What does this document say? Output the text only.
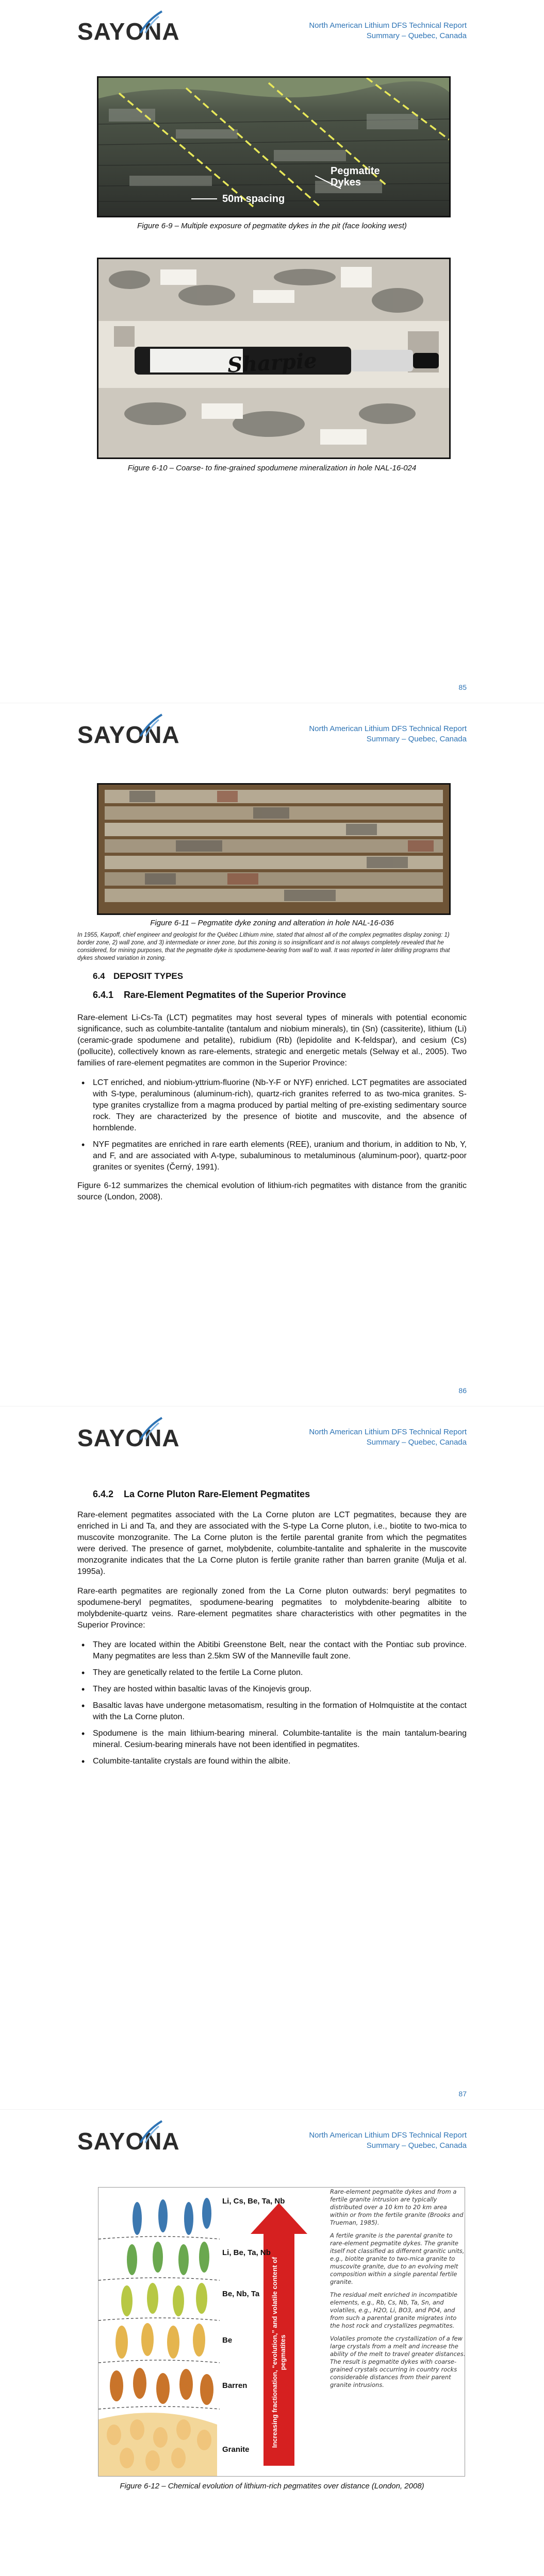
SAYONA	North American Lithium DFS Technical Report
Summary – Quebec, Canada
Pegmatite
Dykes
50m spacing
Figure 6-9 – Multiple exposure of pegmatite dykes in the pit (face looking west)
Sharpie
Figure 6-10 – Coarse- to fine-grained spodumene mineralization in hole NAL-16-024
85
SAYONA	North American Lithium DFS Technical Report
Summary – Quebec, Canada
Figure 6-11 – Pegmatite dyke zoning and alteration in hole NAL-16-036
In 1955, Karpoff, chief engineer and geologist for the Québec Lithium mine, stated that almost all of the complex pegmatites display zoning: 1) border zone, 2) wall zone, and 3) intermediate or inner zone, but this zoning is so insignificant and is not always completely revealed that he considered, for mining purposes, that the pegmatite dyke is spodumene-bearing from wall to wall. It was reported in later drilling programs that dykes showed variation in zoning.
6.4 DEPOSIT TYPES
6.4.1 Rare-Element Pegmatites of the Superior Province

Rare-element Li-Cs-Ta (LCT) pegmatites may host several types of minerals with potential economic significance, such as columbite-tantalite (tantalum and niobium minerals), tin (Sn) (cassiterite), lithium (Li) (ceramic-grade spodumene and petalite), rubidium (Rb) (lepidolite and K-feldspar), and cesium (Cs) (pollucite), collectively known as rare-elements, strategic and energetic metals (Selway et al., 2005). Two families of rare-element pegmatites are common in the Superior Province:

• LCT enriched, and niobium-yttrium-fluorine (Nb-Y-F or NYF) enriched. LCT pegmatites are associated with S-type, peraluminous (aluminum-rich), quartz-rich granites referred to as two-mica granites. S-type granites crystallize from a magma produced by partial melting of pre-existing sedimentary source rock. They are characterized by the presence of biotite and muscovite, and the absence of hornblende.
• NYF pegmatites are enriched in rare earth elements (REE), uranium and thorium, in addition to Nb, Y, and F, and are associated with A-type, subaluminous to metaluminous (aluminum-poor), quartz-poor granites or syenites (Černý, 1991).

Figure 6-12 summarizes the chemical evolution of lithium-rich pegmatites with distance from the granitic source (London, 2008).

86
SAYONA	North American Lithium DFS Technical Report
Summary – Quebec, Canada
6.4.2 La Corne Pluton Rare-Element Pegmatites

Rare-element pegmatites associated with the La Corne pluton are LCT pegmatites, because they are enriched in Li and Ta, and they are associated with the S-type La Corne pluton, i.e., biotite to two-mica to muscovite monzogranite. The La Corne pluton is the fertile parental granite from which the pegmatites were derived. The presence of garnet, molybdenite, columbite-tantalite and sphalerite in the muscovite monzogranite indicates that the La Corne pluton is fertile granite rather than barren granite (Mulja et al. 1995a).

Rare-earth pegmatites are regionally zoned from the La Corne pluton outwards: beryl pegmatites to spodumene-beryl pegmatites, spodumene-bearing pegmatites to molybdenite-bearing albitite to molybdenite-quartz veins. Rare-element pegmatites share characteristics with other pegmatites in the Superior Province:

• They are located within the Abitibi Greenstone Belt, near the contact with the Pontiac sub province. Many pegmatites are less than 2.5km SW of the Manneville fault zone.
• They are genetically related to the fertile La Corne pluton.
• They are hosted within basaltic lavas of the Kinojevis group.
• Basaltic lavas have undergone metasomatism, resulting in the formation of Holmquistite at the contact with the La Corne pluton.
• Spodumene is the main lithium-bearing mineral. Columbite-tantalite is the main tantalum-bearing mineral. Cesium-bearing minerals have not been identified in pegmatites.
• Columbite-tantalite crystals are found within the albite.
87
SAYONA	North American Lithium DFS Technical Report
Summary – Quebec, Canada
Li, Cs, Be, Ta, Nb
Li, Be, Ta, Nb
Be, Nb, Ta
Be
Barren
Granite
Increasing fractionation, “evolution,” and volatile content of pegmatites

Rare-element pegmatite dykes and from a fertile granite intrusion are typically distributed over a 10 km to 20 km area within or from the fertile granite (Brooks and Trueman, 1985).

A fertile granite is the parental granite to rare-element pegmatite dykes. The granite itself not classified as different granitic units, e.g., biotite granite to two-mica granite to muscovite granite, due to an evolving melt composition within a single parental fertile granite.

The residual melt enriched in incompatible elements, e.g., Rb, Cs, Nb, Ta, Sn, and volatiles, e.g., H2O, Li, BO3, and PO4, and from such a parental granite migrates into the host rock and crystallizes pegmatites.

Volatiles promote the crystallization of a few large crystals from a melt and increase the ability of the melt to travel greater distances. The result is pegmatite dykes with coarse-grained crystals occurring in country rocks considerable distances from their parent granite intrusions.

Figure 6-12 – Chemical evolution of lithium-rich pegmatites over distance (London, 2008)
